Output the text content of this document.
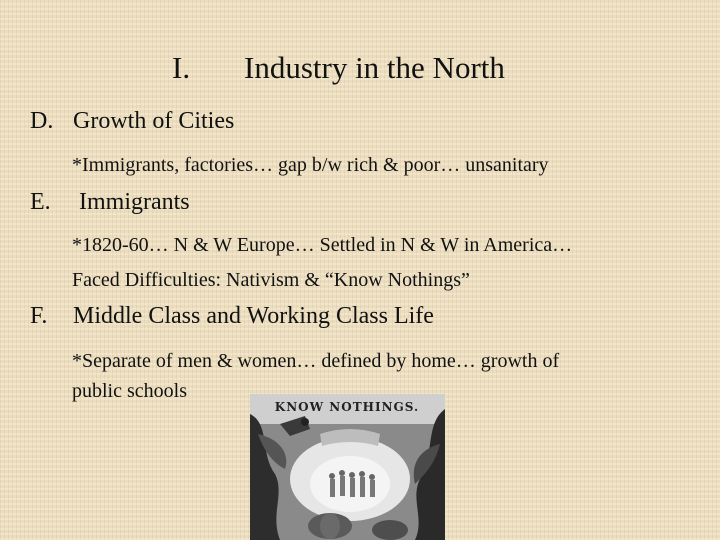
I. Industry in the North
D. Growth of Cities
*Immigrants, factories… gap b/w rich & poor… unsanitary
E. Immigrants
*1820-60… N & W Europe… Settled in N & W in America…
Faced Difficulties: Nativism & “Know Nothings”
F. Middle Class and Working Class Life
*Separate of men & women… defined by home… growth of
public schools
KNOW NOTHINGS.
